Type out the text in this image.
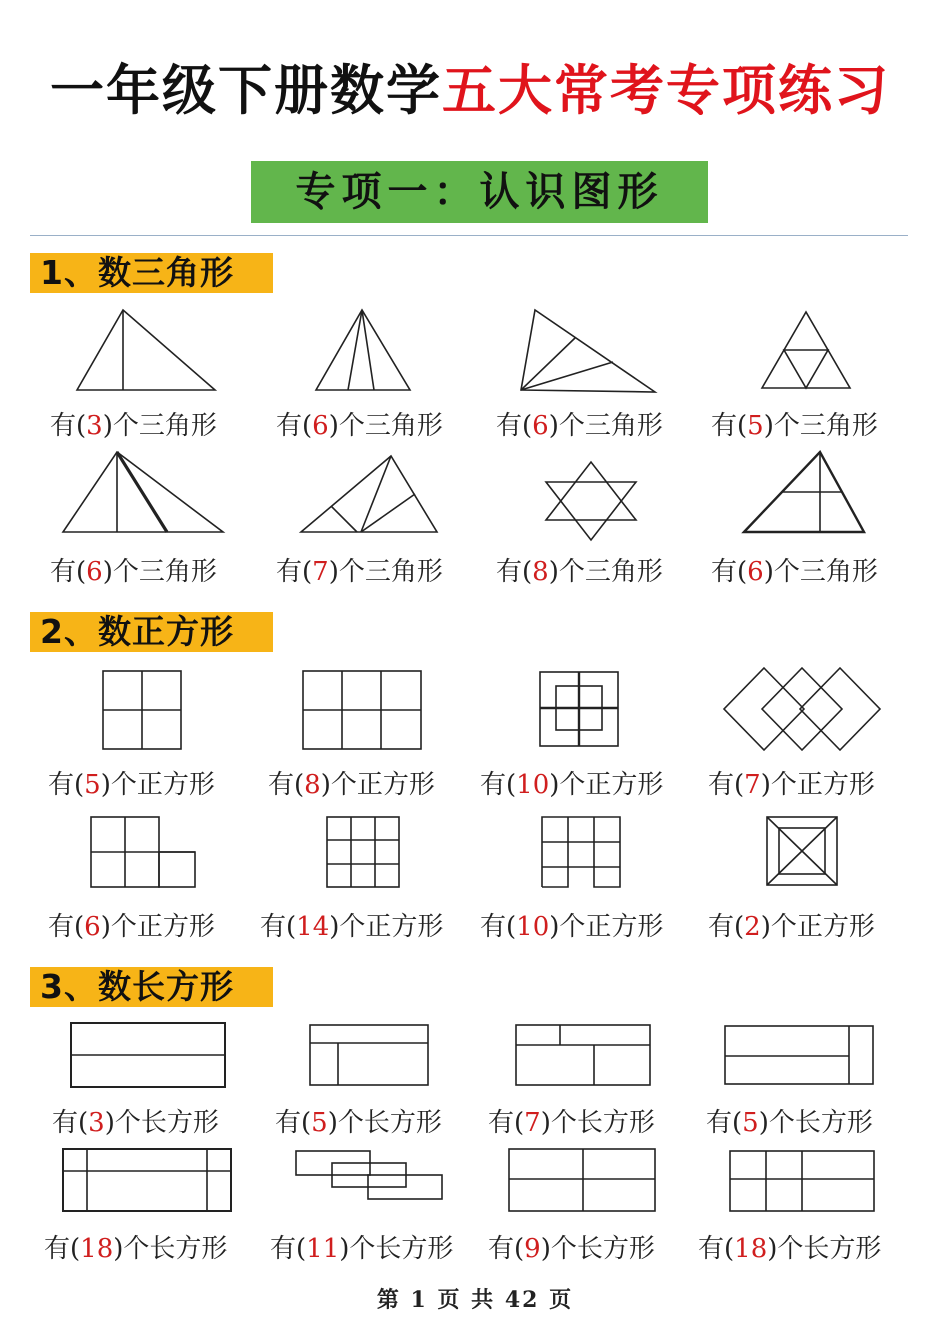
一年级下册数学五大常考专项练习
专项一：认识图形
1、数三角形
2、数正方形
3、数长方形
有(3)个三角形 有(6)个三角形 有(6)个三角形 有(5)个三角形
有(6)个三角形 有(7)个三角形 有(8)个三角形 有(6)个三角形
有(5)个正方形 有(8)个正方形 有(10)个正方形 有(7)个正方形
有(6)个正方形 有(14)个正方形 有(10)个正方形 有(2)个正方形
有(3)个长方形 有(5)个长方形 有(7)个长方形 有(5)个长方形
有(18)个长方形 有(11)个长方形 有(9)个长方形 有(18)个长方形
第 1 页 共 42 页
